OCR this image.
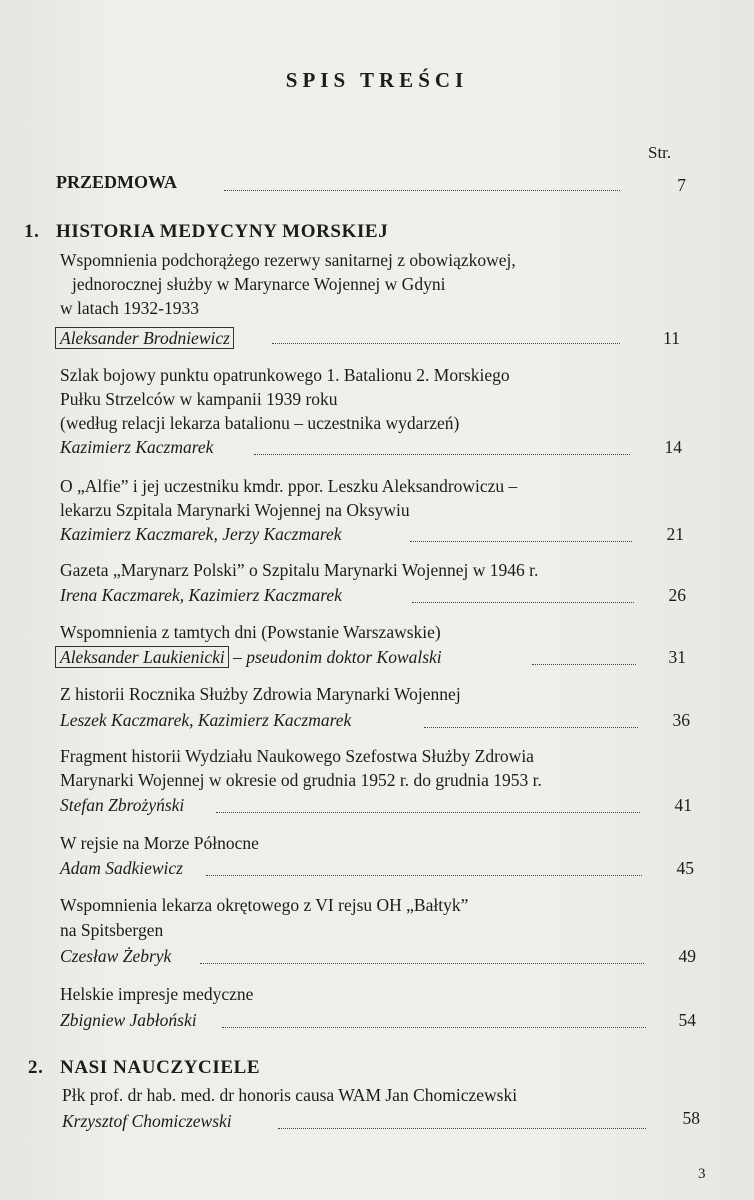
SPIS TREŚCI
Str.
PRZEDMOWA	7
1. HISTORIA MEDYCYNY MORSKIEJ
Wspomnienia podchorążego rezerwy sanitarnej z obowiązkowej,
jednorocznej służby w Marynarce Wojennej w Gdyni
w latach 1932-1933
Aleksander Brodniewicz	11
Szlak bojowy punktu opatrunkowego 1. Batalionu 2. Morskiego
Pułku Strzelców w kampanii 1939 roku
(według relacji lekarza batalionu – uczestnika wydarzeń)
Kazimierz Kaczmarek	14
O „Alfie” i jej uczestniku kmdr. ppor. Leszku Aleksandrowiczu –
lekarzu Szpitala Marynarki Wojennej na Oksywiu
Kazimierz Kaczmarek, Jerzy Kaczmarek	21
Gazeta „Marynarz Polski” o Szpitalu Marynarki Wojennej w 1946 r.
Irena Kaczmarek, Kazimierz Kaczmarek	26
Wspomnienia z tamtych dni (Powstanie Warszawskie)
Aleksander Laukienicki – pseudonim doktor Kowalski	31
Z historii Rocznika Służby Zdrowia Marynarki Wojennej
Leszek Kaczmarek, Kazimierz Kaczmarek	36
Fragment historii Wydziału Naukowego Szefostwa Służby Zdrowia
Marynarki Wojennej w okresie od grudnia 1952 r. do grudnia 1953 r.
Stefan Zbrożyński	41
W rejsie na Morze Północne
Adam Sadkiewicz	45
Wspomnienia lekarza okrętowego z VI rejsu OH „Bałtyk”
na Spitsbergen
Czesław Żebryk	49
Helskie impresje medyczne
Zbigniew Jabłoński	54
2. NASI NAUCZYCIELE
Płk prof. dr hab. med. dr honoris causa WAM Jan Chomiczewski
Krzysztof Chomiczewski	58
3
